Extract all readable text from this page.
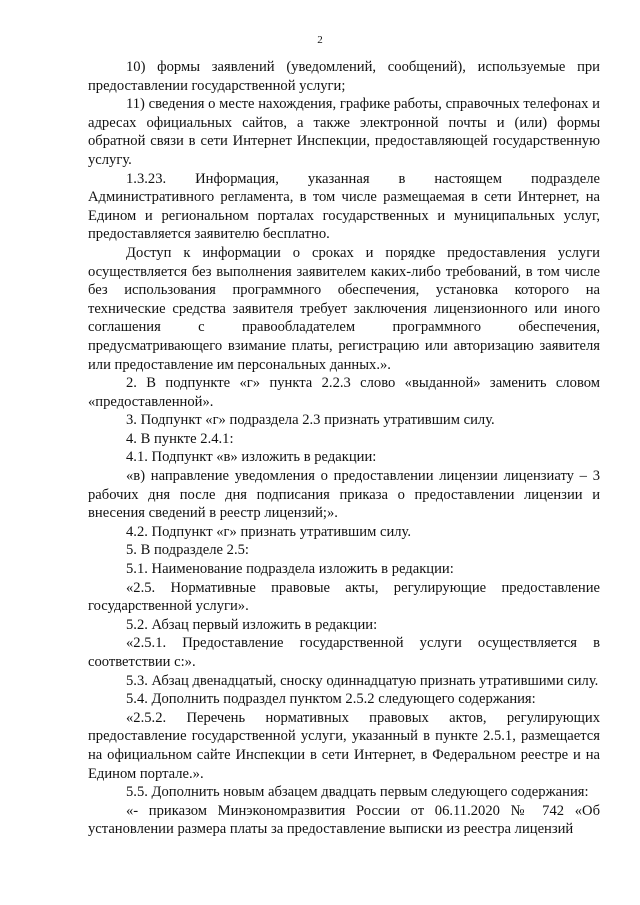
2

10) формы заявлений (уведомлений, сообщений), используемые при предоставлении государственной услуги;

11) сведения о месте нахождения, графике работы, справочных телефонах и адресах официальных сайтов, а также электронной почты и (или) формы обратной связи в сети Интернет Инспекции, предоставляющей государственную услугу.

1.3.23. Информация, указанная в настоящем подразделе Административного регламента, в том числе размещаемая в сети Интернет, на Едином и региональном порталах государственных и муниципальных услуг, предоставляется заявителю бесплатно.

Доступ к информации о сроках и порядке предоставления услуги осуществляется без выполнения заявителем каких-либо требований, в том числе без использования программного обеспечения, установка которого на технические средства заявителя требует заключения лицензионного или иного соглашения с правообладателем программного обеспечения, предусматривающего взимание платы, регистрацию или авторизацию заявителя или предоставление им персональных данных.».

2. В подпункте «г» пункта 2.2.3 слово «выданной» заменить словом «предоставленной».

3. Подпункт «г» подраздела 2.3 признать утратившим силу.

4. В пункте 2.4.1:

4.1. Подпункт «в» изложить в редакции:

«в) направление уведомления о предоставлении лицензии лицензиату – 3 рабочих дня после дня подписания приказа о предоставлении лицензии и внесения сведений в реестр лицензий;».

4.2. Подпункт «г» признать утратившим силу.

5. В подразделе 2.5:

5.1. Наименование подраздела изложить в редакции:

«2.5. Нормативные правовые акты, регулирующие предоставление государственной услуги».

5.2. Абзац первый изложить в редакции:

«2.5.1. Предоставление государственной услуги осуществляется в соответствии с:».

5.3. Абзац двенадцатый, сноску одиннадцатую признать утратившими силу.

5.4. Дополнить подраздел пунктом 2.5.2 следующего содержания:

«2.5.2. Перечень нормативных правовых актов, регулирующих предоставление государственной услуги, указанный в пункте 2.5.1, размещается на официальном сайте Инспекции в сети Интернет, в Федеральном реестре и на Едином портале.».

5.5. Дополнить новым абзацем двадцать первым следующего содержания:

«- приказом Минэкономразвития России от 06.11.2020 № 742 «Об установлении размера платы за предоставление выписки из реестра лицензий
